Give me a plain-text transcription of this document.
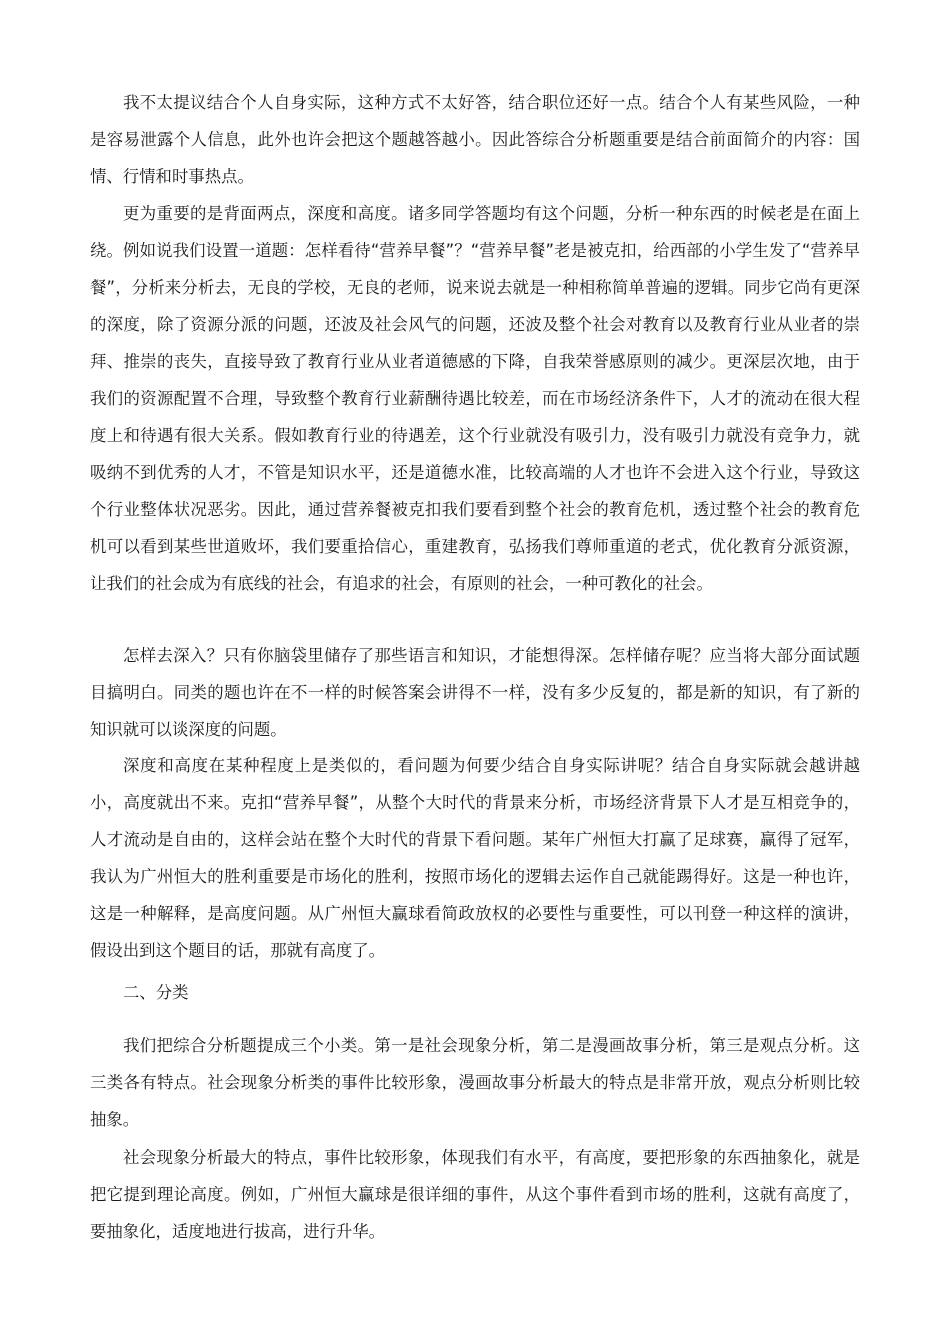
我不太提议结合个人自身实际，这种方式不太好答，结合职位还好一点。结合个人有某些风险，一种是容易泄露个人信息，此外也许会把这个题越答越小。因此答综合分析题重要是结合前面简介的内容：国情、行情和时事热点。

更为重要的是背面两点，深度和高度。诸多同学答题均有这个问题，分析一种东西的时候老是在面上绕。例如说我们设置一道题：怎样看待“营养早餐”？“营养早餐”老是被克扣，给西部的小学生发了“营养早餐”，分析来分析去，无良的学校，无良的老师，说来说去就是一种相称简单普遍的逻辑。同步它尚有更深的深度，除了资源分派的问题，还波及社会风气的问题，还波及整个社会对教育以及教育行业从业者的崇拜、推崇的丧失，直接导致了教育行业从业者道德感的下降，自我荣誉感原则的减少。更深层次地，由于我们的资源配置不合理，导致整个教育行业薪酬待遇比较差，而在市场经济条件下，人才的流动在很大程度上和待遇有很大关系。假如教育行业的待遇差，这个行业就没有吸引力，没有吸引力就没有竞争力，就吸纳不到优秀的人才，不管是知识水平，还是道德水准，比较高端的人才也许不会进入这个行业，导致这个行业整体状况恶劣。因此，通过营养餐被克扣我们要看到整个社会的教育危机，透过整个社会的教育危机可以看到某些世道败坏，我们要重拾信心，重建教育，弘扬我们尊师重道的老式，优化教育分派资源，让我们的社会成为有底线的社会，有追求的社会，有原则的社会，一种可教化的社会。

怎样去深入？只有你脑袋里储存了那些语言和知识，才能想得深。怎样储存呢？应当将大部分面试题目搞明白。同类的题也许在不一样的时候答案会讲得不一样，没有多少反复的，都是新的知识，有了新的知识就可以谈深度的问题。

深度和高度在某种程度上是类似的，看问题为何要少结合自身实际讲呢？结合自身实际就会越讲越小，高度就出不来。克扣“营养早餐”，从整个大时代的背景来分析，市场经济背景下人才是互相竞争的，人才流动是自由的，这样会站在整个大时代的背景下看问题。某年广州恒大打赢了足球赛，赢得了冠军，我认为广州恒大的胜利重要是市场化的胜利，按照市场化的逻辑去运作自己就能踢得好。这是一种也许，这是一种解释，是高度问题。从广州恒大赢球看简政放权的必要性与重要性，可以刊登一种这样的演讲，假设出到这个题目的话，那就有高度了。

二、分类

我们把综合分析题提成三个小类。第一是社会现象分析，第二是漫画故事分析，第三是观点分析。这三类各有特点。社会现象分析类的事件比较形象，漫画故事分析最大的特点是非常开放，观点分析则比较抽象。

社会现象分析最大的特点，事件比较形象，体现我们有水平，有高度，要把形象的东西抽象化，就是把它提到理论高度。例如，广州恒大赢球是很详细的事件，从这个事件看到市场的胜利，这就有高度了，要抽象化，适度地进行拔高，进行升华。
